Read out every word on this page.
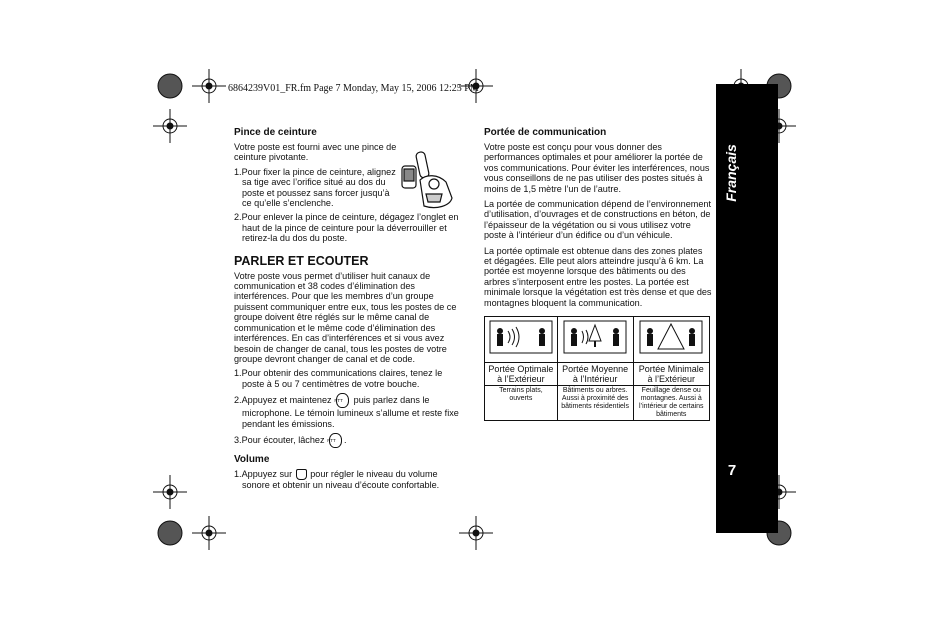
6864239V01_FR.fm Page 7 Monday, May 15, 2006 12:25 PM
Français
7
Pince de ceinture

Votre poste est fourni avec une pince de ceinture pivotante.

1.Pour fixer la pince de ceinture, alignez sa tige avec l’orifice situé au dos du poste et poussez sans forcer jusqu’à ce qu’elle s’enclenche.

2.Pour enlever la pince de ceinture, dégagez l’onglet en haut de la pince de ceinture pour la déverrouiller et retirez-la du dos du poste.

PARLER ET ECOUTER

Votre poste vous permet d’utiliser huit canaux de communication et 38 codes d’élimination des interférences. Pour que les membres d’un groupe puissent communiquer entre eux, tous les postes de ce groupe doivent être réglés sur le même canal de communication et le même code d’élimination des interférences. En cas d’interférences et si vous avez besoin de changer de canal, tous les postes de votre groupe devront changer de canal et de code.

1.Pour obtenir des communications claires, tenez le poste à 5 ou 7 centimètres de votre bouche.

2.Appuyez et maintenez PTT puis parlez dans le microphone. Le témoin lumineux s’allume et reste fixe pendant les émissions.

3.Pour écouter, lâchez PTT .

Volume

1.Appuyez sur pour régler le niveau du volume sonore et obtenir un niveau d’écoute confortable.

Portée de communication

Votre poste est conçu pour vous donner des performances optimales et pour améliorer la portée de vos communications. Pour éviter les interférences, nous vous conseillons de ne pas utiliser des postes situés à moins de 1,5 mètre l’un de l’autre.

La portée de communication dépend de l’environnement d’utilisation, d’ouvrages et de constructions en béton, de l’épaisseur de la végétation ou si vous utilisez votre poste à l’intérieur d’un édifice ou d’un véhicule.

La portée optimale est obtenue dans des zones plates et dégagées. Elle peut alors atteindre jusqu’à 6 km. La portée est moyenne lorsque des bâtiments ou des arbres s’interposent entre les postes. La portée est minimale lorsque la végétation est très dense et que des montagnes bloquent la communication.

Portée Optimale à l’Extérieur	Portée Moyenne à l’Intérieur	Portée Minimale à l’Extérieur
Terrains plats, ouverts	Bâtiments ou arbres. Aussi à proximité des bâtiments résidentiels	Feuillage dense ou montagnes. Aussi à l’intérieur de certains bâtiments
